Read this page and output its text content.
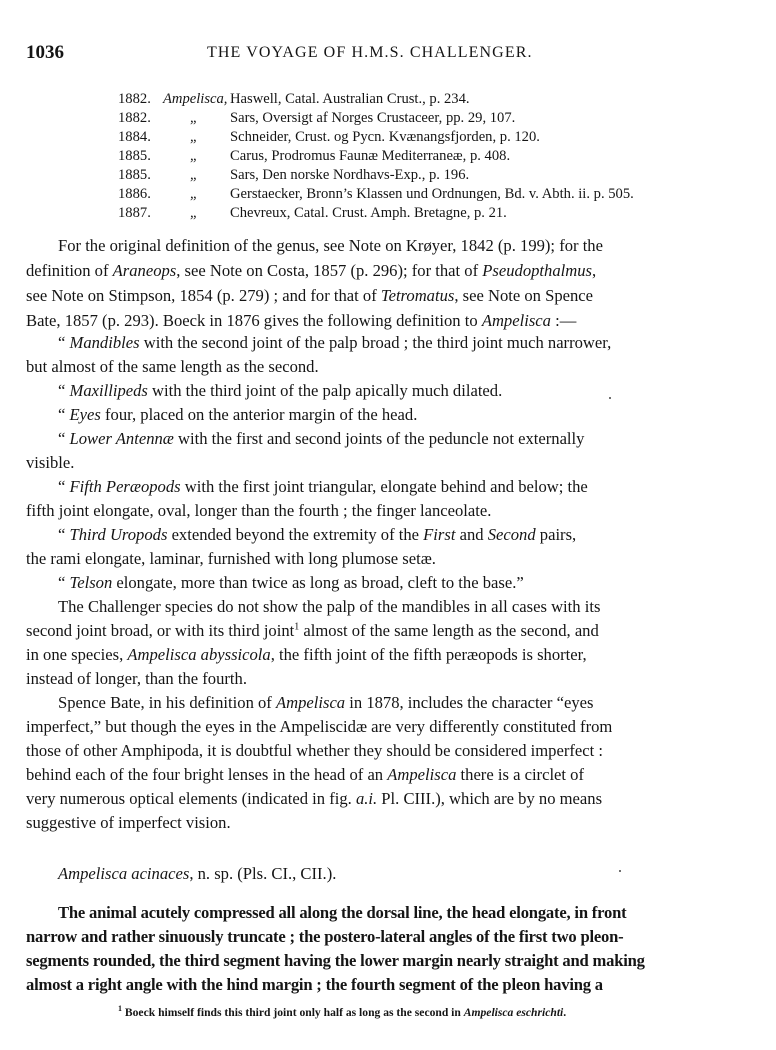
1036	THE VOYAGE OF H.M.S. CHALLENGER.
1882. Ampelisca, Haswell, Catal. Australian Crust., p. 234.
1882.	„ Sars, Oversigt af Norges Crustaceer, pp. 29, 107.
1884.	„ Schneider, Crust. og Pycn. Kvænangsfjorden, p. 120.
1885.	„ Carus, Prodromus Faunæ Mediterraneæ, p. 408.
1885.	„ Sars, Den norske Nordhavs-Exp., p. 196.
1886.	„ Gerstaecker, Bronn’s Klassen und Ordnungen, Bd. v. Abth. ii. p. 505.
1887.	„ Chevreux, Catal. Crust. Amph. Bretagne, p. 21.
For the original definition of the genus, see Note on Krøyer, 1842 (p. 199); for the
definition of Araneops, see Note on Costa, 1857 (p. 296); for that of Pseudopthalmus,
see Note on Stimpson, 1854 (p. 279) ; and for that of Tetromatus, see Note on Spence
Bate, 1857 (p. 293). Boeck in 1876 gives the following definition to Ampelisca :—
“ Mandibles with the second joint of the palp broad ; the third joint much narrower,
but almost of the same length as the second.
“ Maxillipeds with the third joint of the palp apically much dilated.
“ Eyes four, placed on the anterior margin of the head.
“ Lower Antennæ with the first and second joints of the peduncle not externally
visible.
“ Fifth Peræopods with the first joint triangular, elongate behind and below; the
fifth joint elongate, oval, longer than the fourth ; the finger lanceolate.
“ Third Uropods extended beyond the extremity of the First and Second pairs,
the rami elongate, laminar, furnished with long plumose setæ.
“ Telson elongate, more than twice as long as broad, cleft to the base.”
The Challenger species do not show the palp of the mandibles in all cases with its
second joint broad, or with its third joint$^1$ almost of the same length as the second, and
in one species, Ampelisca abyssicola, the fifth joint of the fifth peræopods is shorter,
instead of longer, than the fourth.
Spence Bate, in his definition of Ampelisca in 1878, includes the character “eyes
imperfect,” but though the eyes in the Ampeliscidæ are very differently constituted from
those of other Amphipoda, it is doubtful whether they should be considered imperfect :
behind each of the four bright lenses in the head of an Ampelisca there is a circlet of
very numerous optical elements (indicated in fig. a.i. Pl. CIII.), which are by no means
suggestive of imperfect vision.
Ampelisca acinaces, n. sp. (Pls. CI., CII.).
The animal acutely compressed all along the dorsal line, the head elongate, in front
narrow and rather sinuously truncate ; the postero-lateral angles of the first two pleon-
segments rounded, the third segment having the lower margin nearly straight and making
almost a right angle with the hind margin ; the fourth segment of the pleon having a
$^1$ Boeck himself finds this third joint only half as long as the second in Ampelisca eschrichti.
